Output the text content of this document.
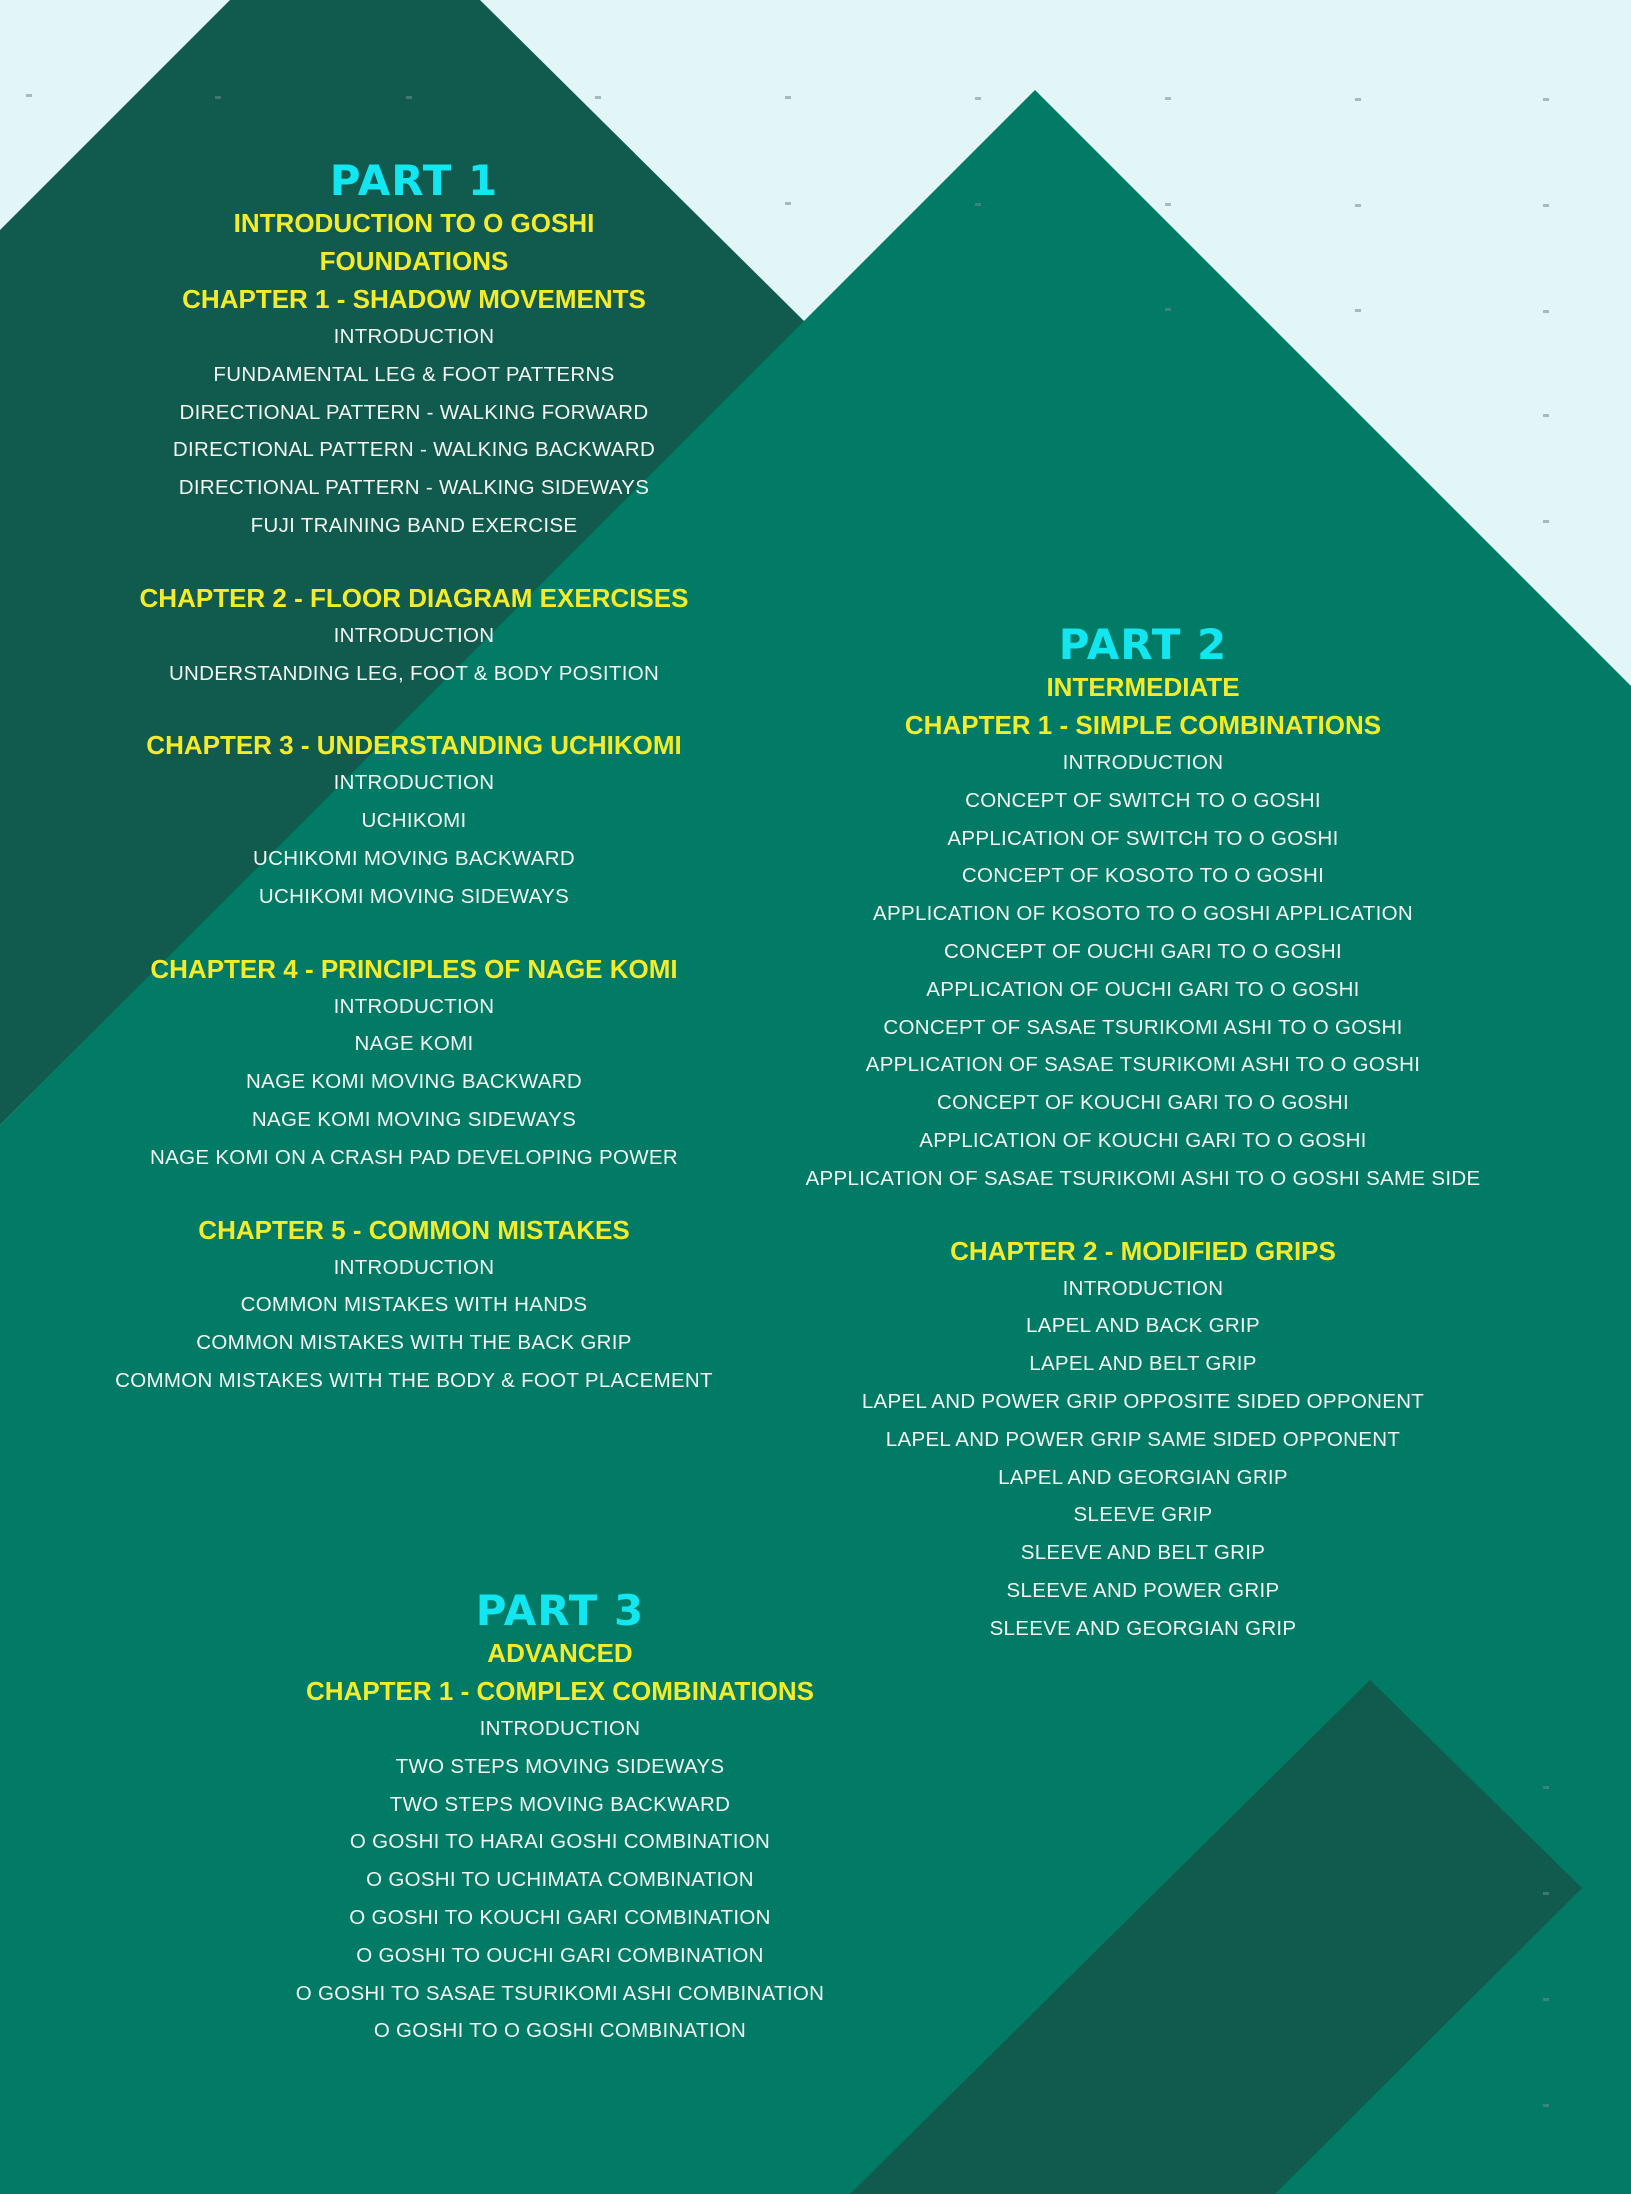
PART 1
INTRODUCTION TO O GOSHI
FOUNDATIONS
CHAPTER 1 - SHADOW MOVEMENTS
INTRODUCTION
FUNDAMENTAL LEG & FOOT PATTERNS
DIRECTIONAL PATTERN - WALKING FORWARD
DIRECTIONAL PATTERN - WALKING BACKWARD
DIRECTIONAL PATTERN - WALKING SIDEWAYS
FUJI TRAINING BAND EXERCISE
CHAPTER 2 - FLOOR DIAGRAM EXERCISES
INTRODUCTION
UNDERSTANDING LEG, FOOT & BODY POSITION
CHAPTER 3 - UNDERSTANDING UCHIKOMI
INTRODUCTION
UCHIKOMI
UCHIKOMI MOVING BACKWARD
UCHIKOMI MOVING SIDEWAYS
CHAPTER 4 - PRINCIPLES OF NAGE KOMI
INTRODUCTION
NAGE KOMI
NAGE KOMI MOVING BACKWARD
NAGE KOMI MOVING SIDEWAYS
NAGE KOMI ON A CRASH PAD DEVELOPING POWER
CHAPTER 5 - COMMON MISTAKES
INTRODUCTION
COMMON MISTAKES WITH HANDS
COMMON MISTAKES WITH THE BACK GRIP
COMMON MISTAKES WITH THE BODY & FOOT PLACEMENT
PART 2
INTERMEDIATE
CHAPTER 1 - SIMPLE COMBINATIONS
INTRODUCTION
CONCEPT OF SWITCH TO O GOSHI
APPLICATION OF SWITCH TO O GOSHI
CONCEPT OF KOSOTO TO O GOSHI
APPLICATION OF KOSOTO TO O GOSHI APPLICATION
CONCEPT OF OUCHI GARI TO O GOSHI
APPLICATION OF OUCHI GARI TO O GOSHI
CONCEPT OF SASAE TSURIKOMI ASHI TO O GOSHI
APPLICATION OF SASAE TSURIKOMI ASHI TO O GOSHI
CONCEPT OF KOUCHI GARI TO O GOSHI
APPLICATION OF KOUCHI GARI TO O GOSHI
APPLICATION OF SASAE TSURIKOMI ASHI TO O GOSHI SAME SIDE
CHAPTER 2 - MODIFIED GRIPS
INTRODUCTION
LAPEL AND BACK GRIP
LAPEL AND BELT GRIP
LAPEL AND POWER GRIP OPPOSITE SIDED OPPONENT
LAPEL AND POWER GRIP SAME SIDED OPPONENT
LAPEL AND GEORGIAN GRIP
SLEEVE GRIP
SLEEVE AND BELT GRIP
SLEEVE AND POWER GRIP
SLEEVE AND GEORGIAN GRIP
PART 3
ADVANCED
CHAPTER 1 - COMPLEX COMBINATIONS
INTRODUCTION
TWO STEPS MOVING SIDEWAYS
TWO STEPS MOVING BACKWARD
O GOSHI TO HARAI GOSHI COMBINATION
O GOSHI TO UCHIMATA COMBINATION
O GOSHI TO KOUCHI GARI COMBINATION
O GOSHI TO OUCHI GARI COMBINATION
O GOSHI TO SASAE TSURIKOMI ASHI COMBINATION
O GOSHI TO O GOSHI COMBINATION
